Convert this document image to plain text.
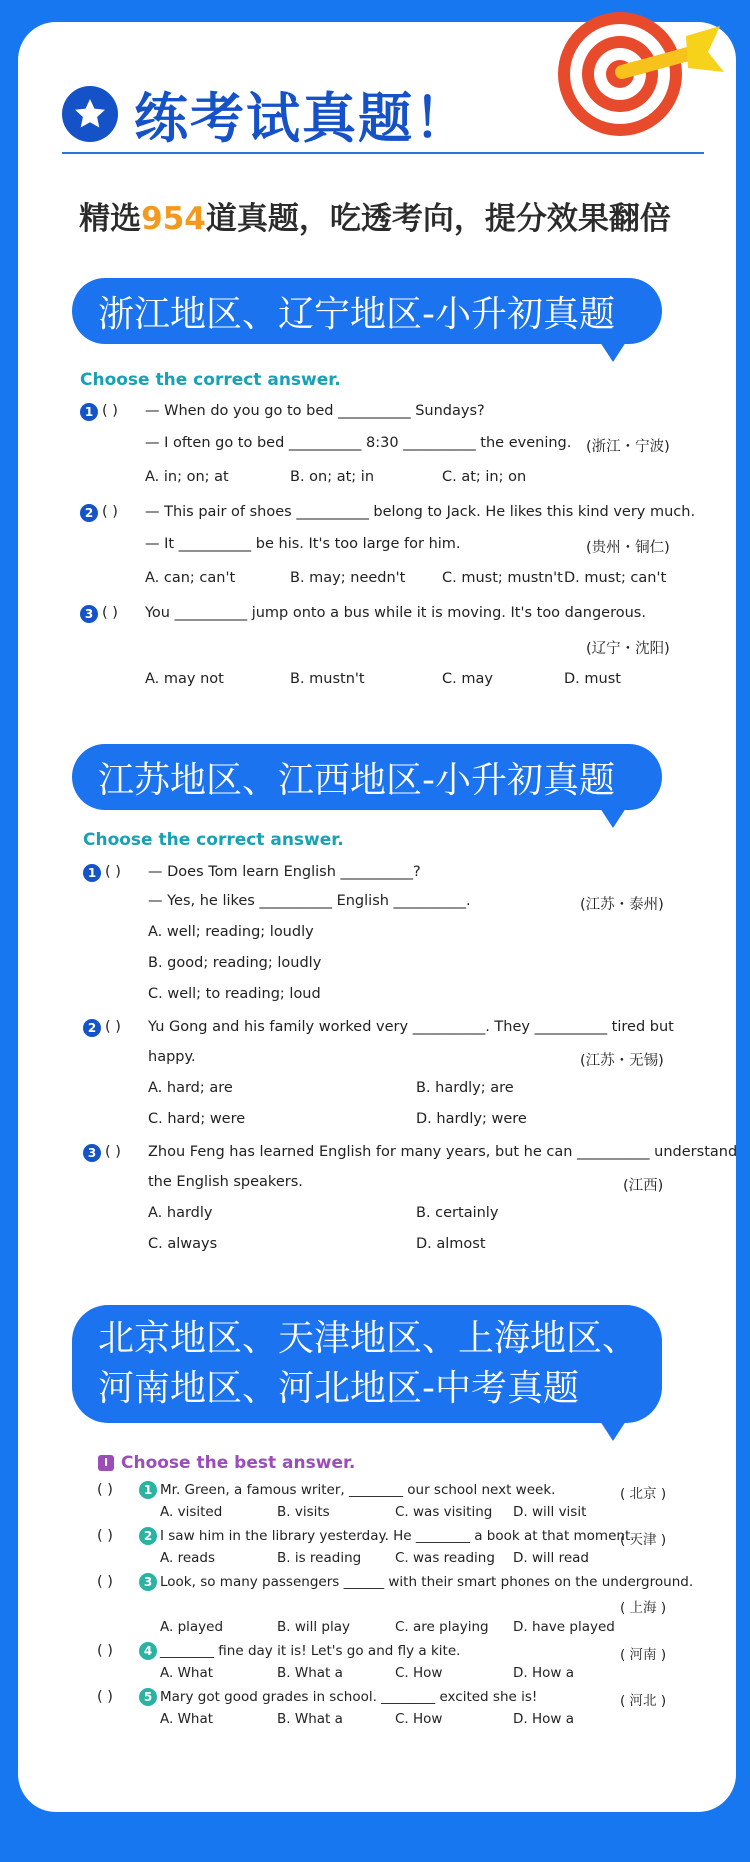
练考试真题！
精选954道真题，吃透考向，提分效果翻倍
浙江地区、辽宁地区-小升初真题
Choose the correct answer.
1 ( ) — When do you go to bed __________ Sundays?
— I often go to bed __________ 8:30 __________ the evening. (浙江・宁波)
A. in; on; at	B. on; at; in	C. at; in; on
2 ( ) — This pair of shoes __________ belong to Jack. He likes this kind very much.
— It __________ be his. It's too large for him.	(贵州・铜仁)
A. can; can't	B. may; needn't	C. must; mustn't D. must; can't
3 ( ) You __________ jump onto a bus while it is moving. It's too dangerous.
(辽宁・沈阳)
A. may not	B. mustn't	C. may	D. must
江苏地区、江西地区-小升初真题
Choose the correct answer.
1 ( ) — Does Tom learn English __________?
— Yes, he likes __________ English __________.	(江苏・泰州)
A. well; reading; loudly
B. good; reading; loudly
C. well; to reading; loud
2 ( ) Yu Gong and his family worked very __________. They __________ tired but
happy.	(江苏・无锡)
A. hard; are	B. hardly; are
C. hard; were	D. hardly; were
3 ( ) Zhou Feng has learned English for many years, but he can __________ understand
the English speakers.	(江西)
A. hardly	B. certainly
C. always	D. almost
北京地区、天津地区、上海地区、
河南地区、河北地区-中考真题
I Choose the best answer.
( )	1 Mr. Green, a famous writer, ________ our school next week.	( 北京 )
A. visited	B. visits	C. was visiting D. will visit
( )	2 I saw him in the library yesterday. He ________ a book at that moment.
( 天津 )
A. reads	B. is reading	C. was reading D. will read
( )	3 Look, so many passengers ______ with their smart phones on the underground.
( 上海 )
A. played	B. will play	C. are playing D. have played
( )	4 ________ fine day it is! Let's go and fly a kite.	( 河南 )
A. What	B. What a	C. How	D. How a
( )	5 Mary got good grades in school. ________ excited she is!	( 河北 )
A. What	B. What a	C. How	D. How a
